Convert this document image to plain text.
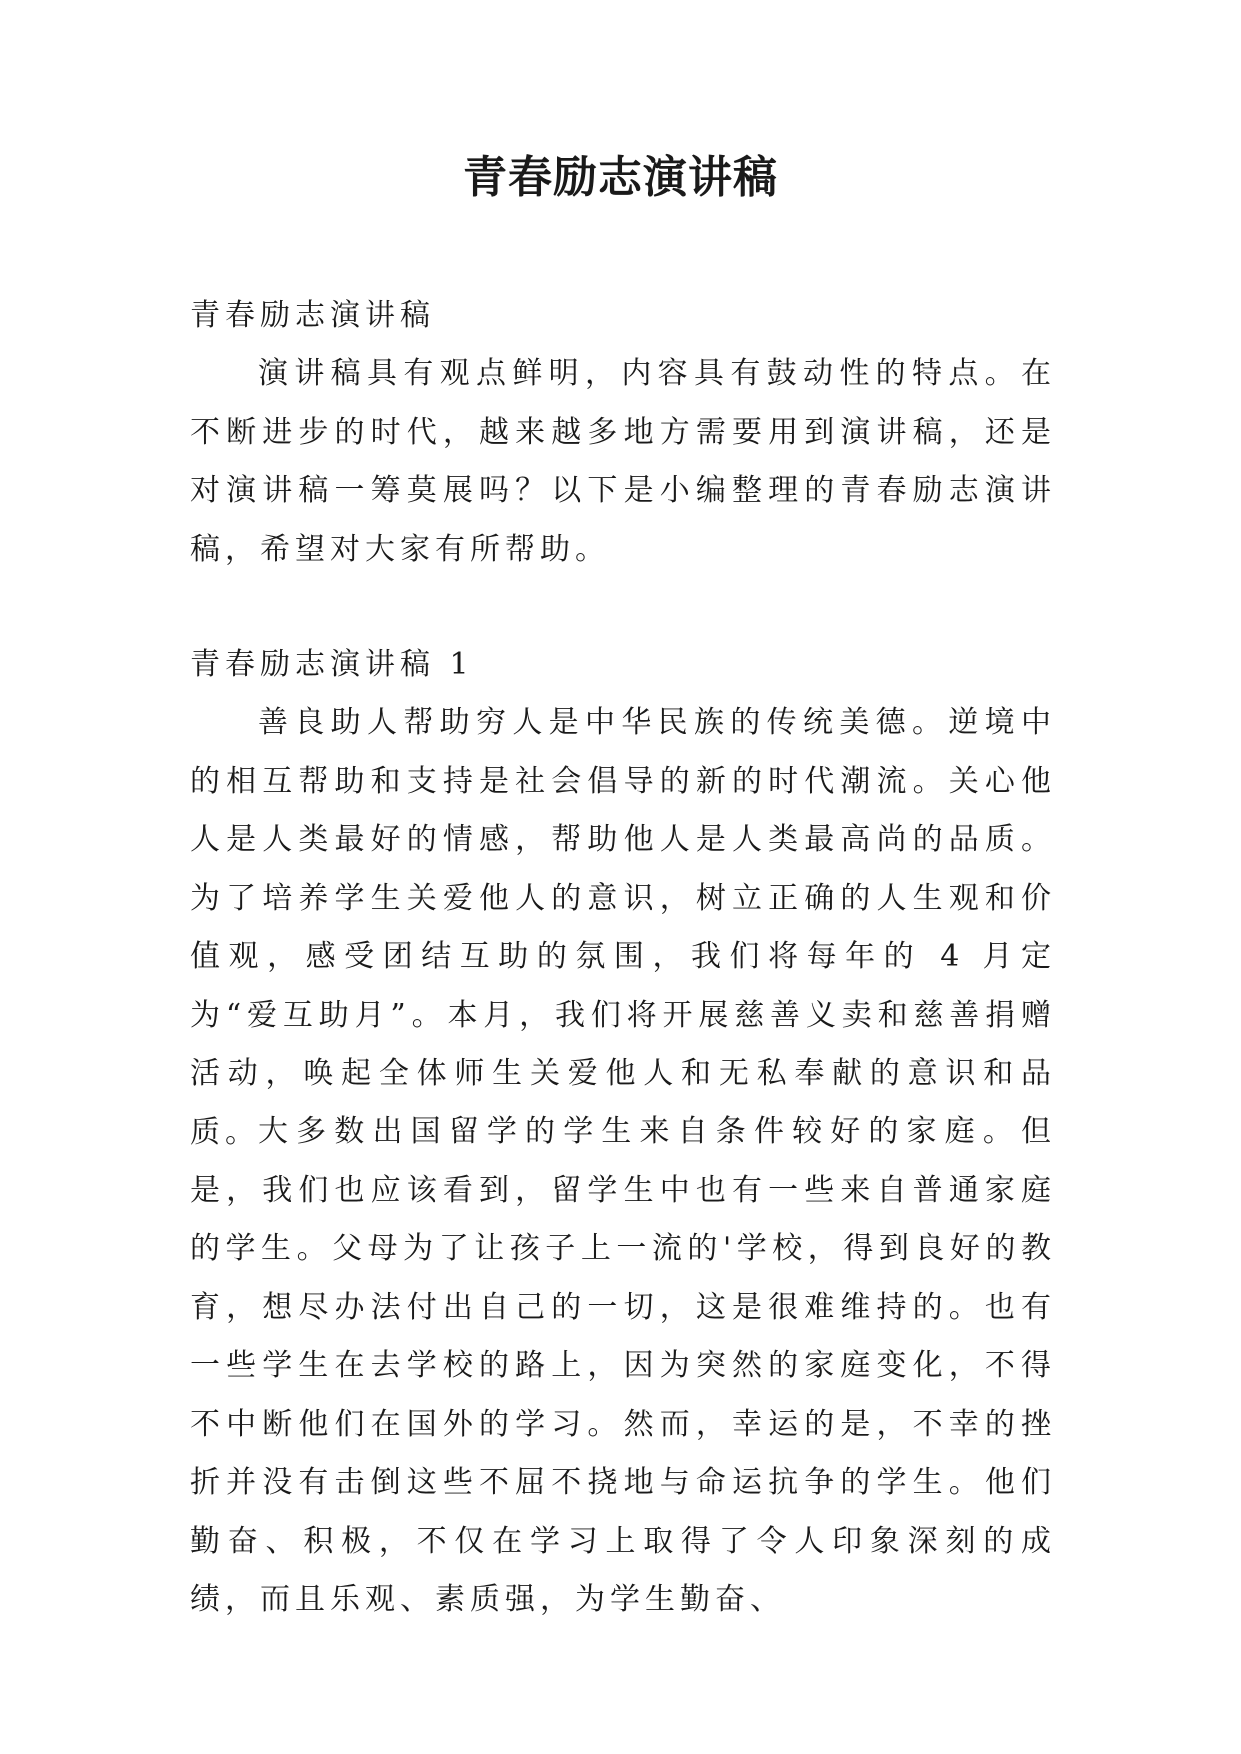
青春励志演讲稿

青春励志演讲稿

演讲稿具有观点鲜明，内容具有鼓动性的特点。在不断进步的时代，越来越多地方需要用到演讲稿，还是对演讲稿一筹莫展吗？以下是小编整理的青春励志演讲稿，希望对大家有所帮助。

青春励志演讲稿 1

善良助人帮助穷人是中华民族的传统美德。逆境中的相互帮助和支持是社会倡导的新的时代潮流。关心他人是人类最好的情感，帮助他人是人类最高尚的品质。为了培养学生关爱他人的意识，树立正确的人生观和价值观，感受团结互助的氛围，我们将每年的 4 月定为“爱互助月”。本月，我们将开展慈善义卖和慈善捐赠活动，唤起全体师生关爱他人和无私奉献的意识和品质。

大多数出国留学的学生来自条件较好的家庭。但是，我们也应该看到，留学生中也有一些来自普通家庭的学生。父母为了让孩子上一流的'学校，得到良好的教育，想尽办法付出自己的一切，这是很难维持的。也有一些学生在去学校的路上，因为突然的家庭变化，不得不中断他们在国外的学习。然而，幸运的是，不幸的挫折并没有击倒这些不屈不挠地与命运抗争的学生。他们勤奋、积极，不仅在学习上取得了令人印象深刻的成绩，而且乐观、素质强，为学生勤奋、
